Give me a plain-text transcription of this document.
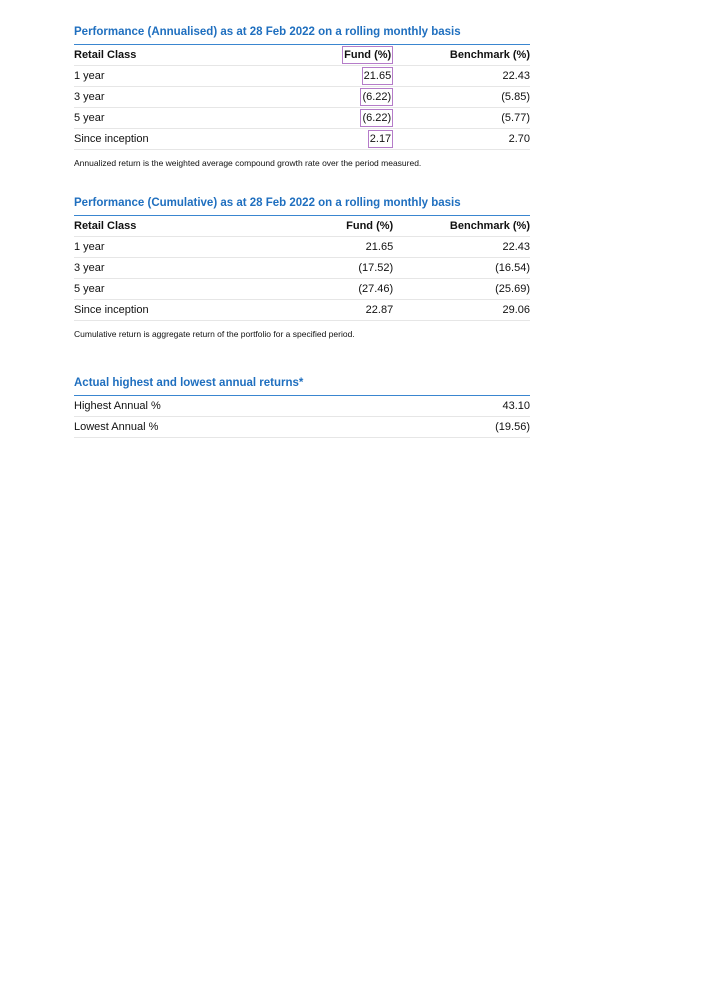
Performance (Annualised) as at 28 Feb 2022 on a rolling monthly basis
Retail Class	Fund (%)	Benchmark (%)
1 year	21.65	22.43
3 year	(6.22)	(5.85)
5 year	(6.22)	(5.77)
Since inception	2.17	2.70
Annualized return is the weighted average compound growth rate over the period measured.
Performance (Cumulative) as at 28 Feb 2022 on a rolling monthly basis
Retail Class	Fund (%)	Benchmark (%)
1 year	21.65	22.43
3 year	(17.52)	(16.54)
5 year	(27.46)	(25.69)
Since inception	22.87	29.06
Cumulative return is aggregate return of the portfolio for a specified period.
Actual highest and lowest annual returns*
Highest Annual %	43.10
Lowest Annual %	(19.56)
